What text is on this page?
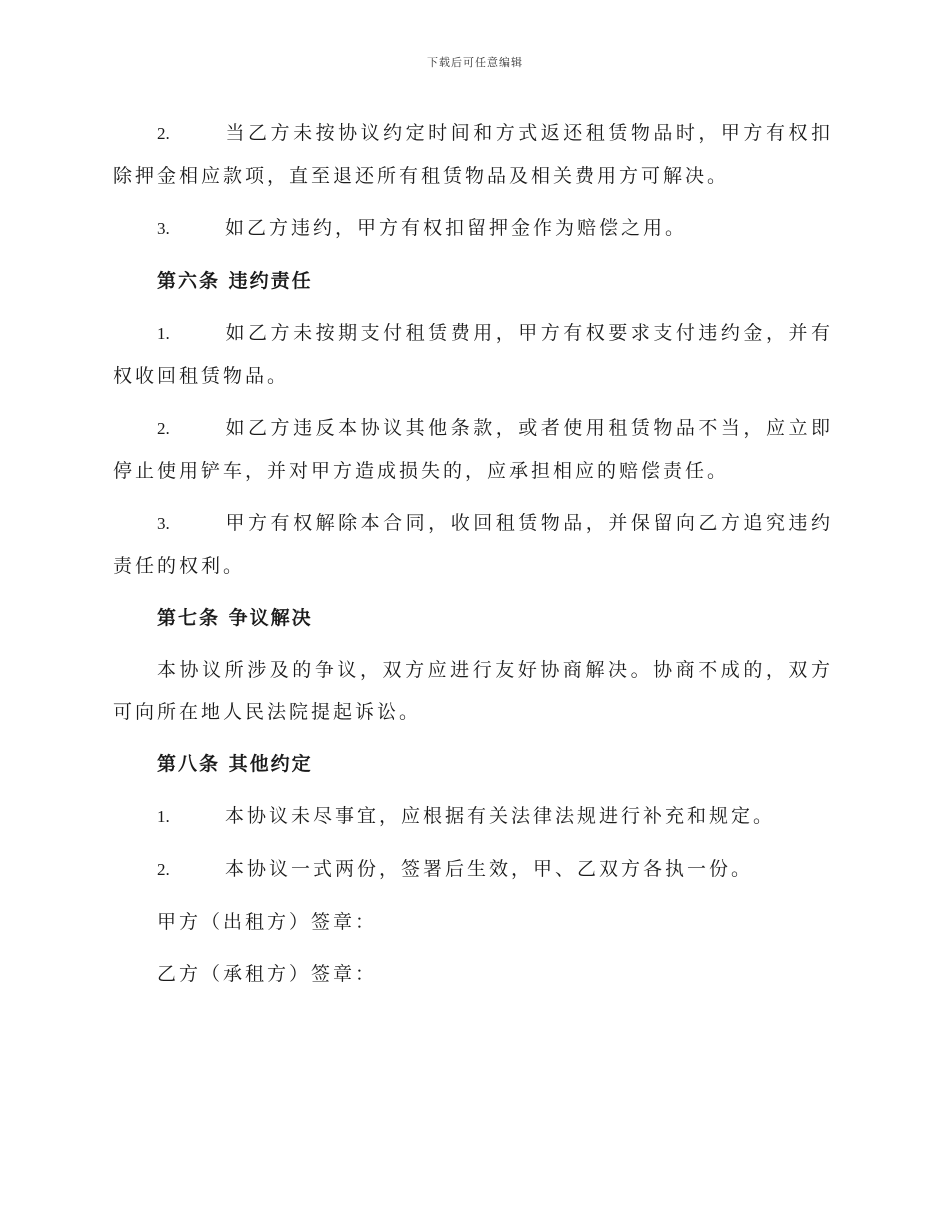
下载后可任意编辑
2.	当乙方未按协议约定时间和方式返还租赁物品时，甲方有权扣除押金相应款项，直至退还所有租赁物品及相关费用方可解决。
3.	如乙方违约，甲方有权扣留押金作为赔偿之用。
第六条 违约责任
1.	如乙方未按期支付租赁费用，甲方有权要求支付违约金，并有权收回租赁物品。
2.	如乙方违反本协议其他条款，或者使用租赁物品不当，应立即停止使用铲车，并对甲方造成损失的，应承担相应的赔偿责任。
3.	甲方有权解除本合同，收回租赁物品，并保留向乙方追究违约责任的权利。
第七条 争议解决
本协议所涉及的争议，双方应进行友好协商解决。协商不成的，双方可向所在地人民法院提起诉讼。
第八条 其他约定
1.	本协议未尽事宜，应根据有关法律法规进行补充和规定。
2.	本协议一式两份，签署后生效，甲、乙双方各执一份。
甲方（出租方）签章：
乙方（承租方）签章：
